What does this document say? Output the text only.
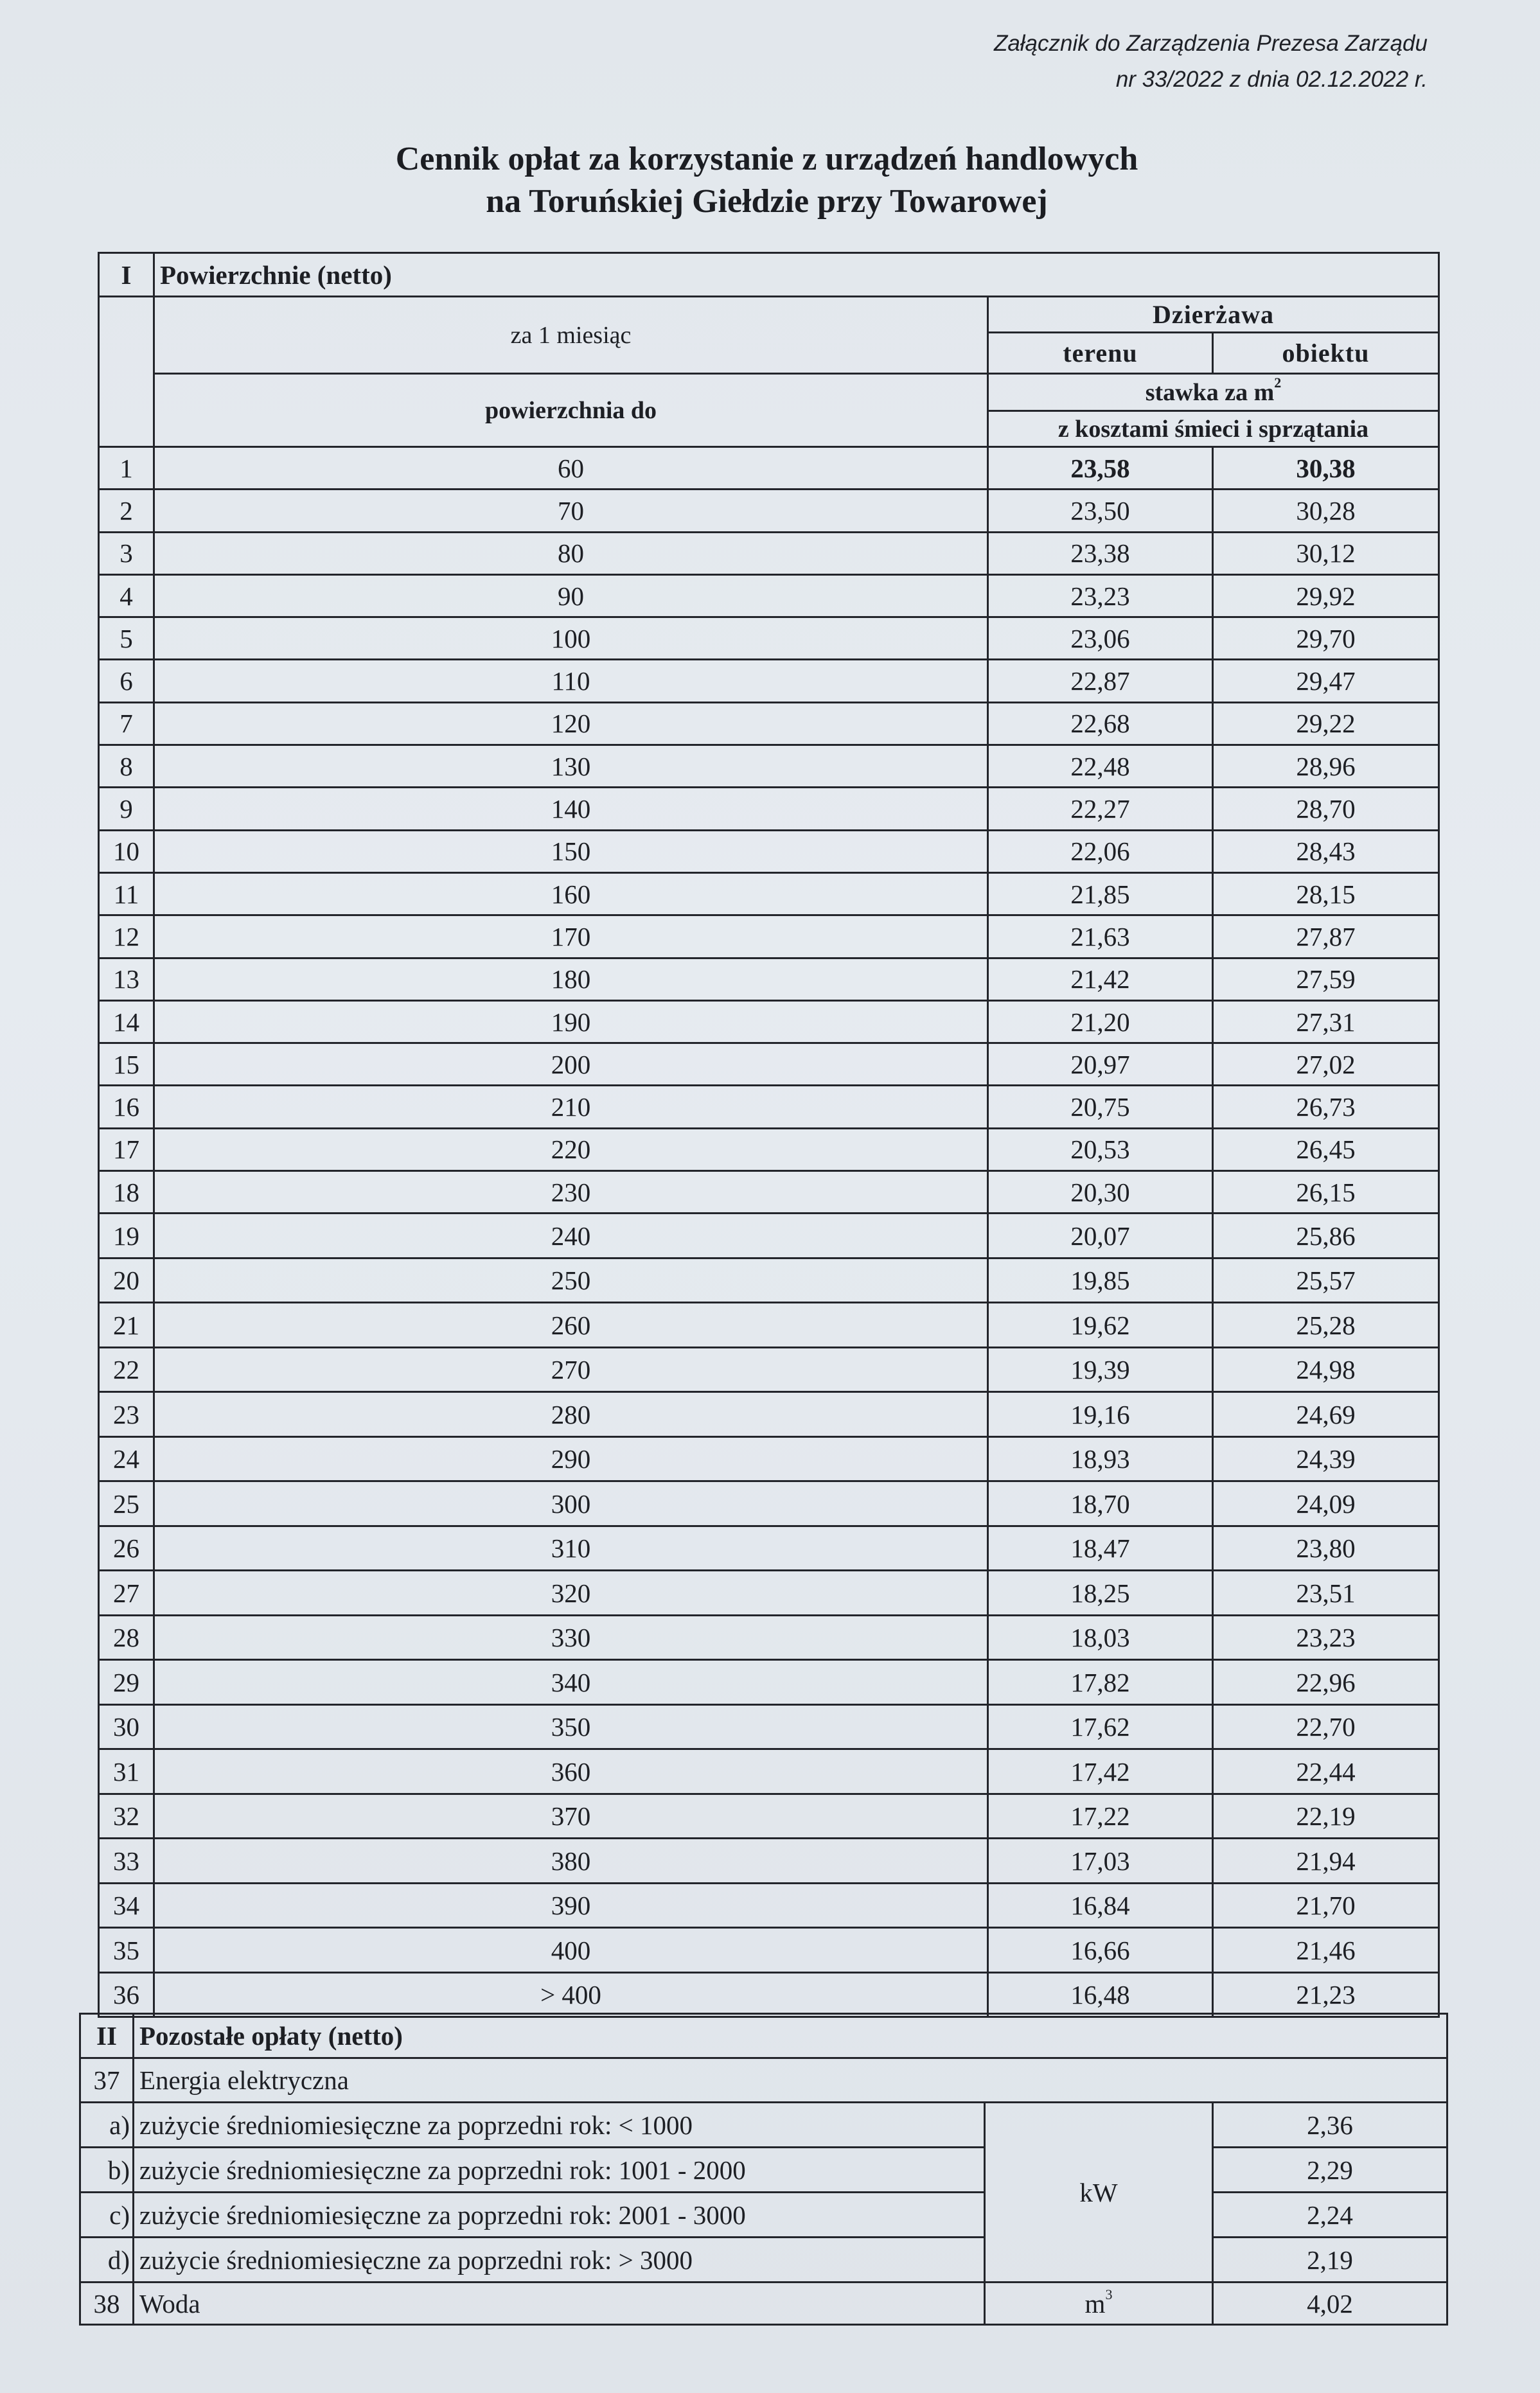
Załącznik do Zarządzenia Prezesa Zarządu
nr 33/2022 z dnia 02.12.2022 r.
Cennik opłat za korzystanie z urządzeń handlowych
na Toruńskiej Giełdzie przy Towarowej
I	Powierzchnie (netto)		
	za 1 miesiąc	Dzierżawa	
		terenu	obiektu
	powierzchnia do	stawka za $m^2$
		z kosztami śmieci i sprzątania	
1	60	23,58	30,38
2	70	23,50	30,28
3	80	23,38	30,12
4	90	23,23	29,92
5	100	23,06	29,70
6	110	22,87	29,47
7	120	22,68	29,22
8	130	22,48	28,96
9	140	22,27	28,70
10	150	22,06	28,43
11	160	21,85	28,15
12	170	21,63	27,87
13	180	21,42	27,59
14	190	21,20	27,31
15	200	20,97	27,02
16	210	20,75	26,73
17	220	20,53	26,45
18	230	20,30	26,15
19	240	20,07	25,86
20	250	19,85	25,57
21	260	19,62	25,28
22	270	19,39	24,98
23	280	19,16	24,69
24	290	18,93	24,39
25	300	18,70	24,09
26	310	18,47	23,80
27	320	18,25	23,51
28	330	18,03	23,23
29	340	17,82	22,96
30	350	17,62	22,70
31	360	17,42	22,44
32	370	17,22	22,19
33	380	17,03	21,94
34	390	16,84	21,70
35	400	16,66	21,46
36	> 400	16,48	21,23
II	Pozostałe opłaty (netto)		
37	Energia elektryczna		
a)	zużycie średniomiesięczne za poprzedni rok: < 1000	kW	2,36
b)	zużycie średniomiesięczne za poprzedni rok: 1001 - 2000		2,29
c)	zużycie średniomiesięczne za poprzedni rok: 2001 - 3000		2,24
d)	zużycie średniomiesięczne za poprzedni rok: > 3000		2,19
38	Woda	$m^3$	4,02
